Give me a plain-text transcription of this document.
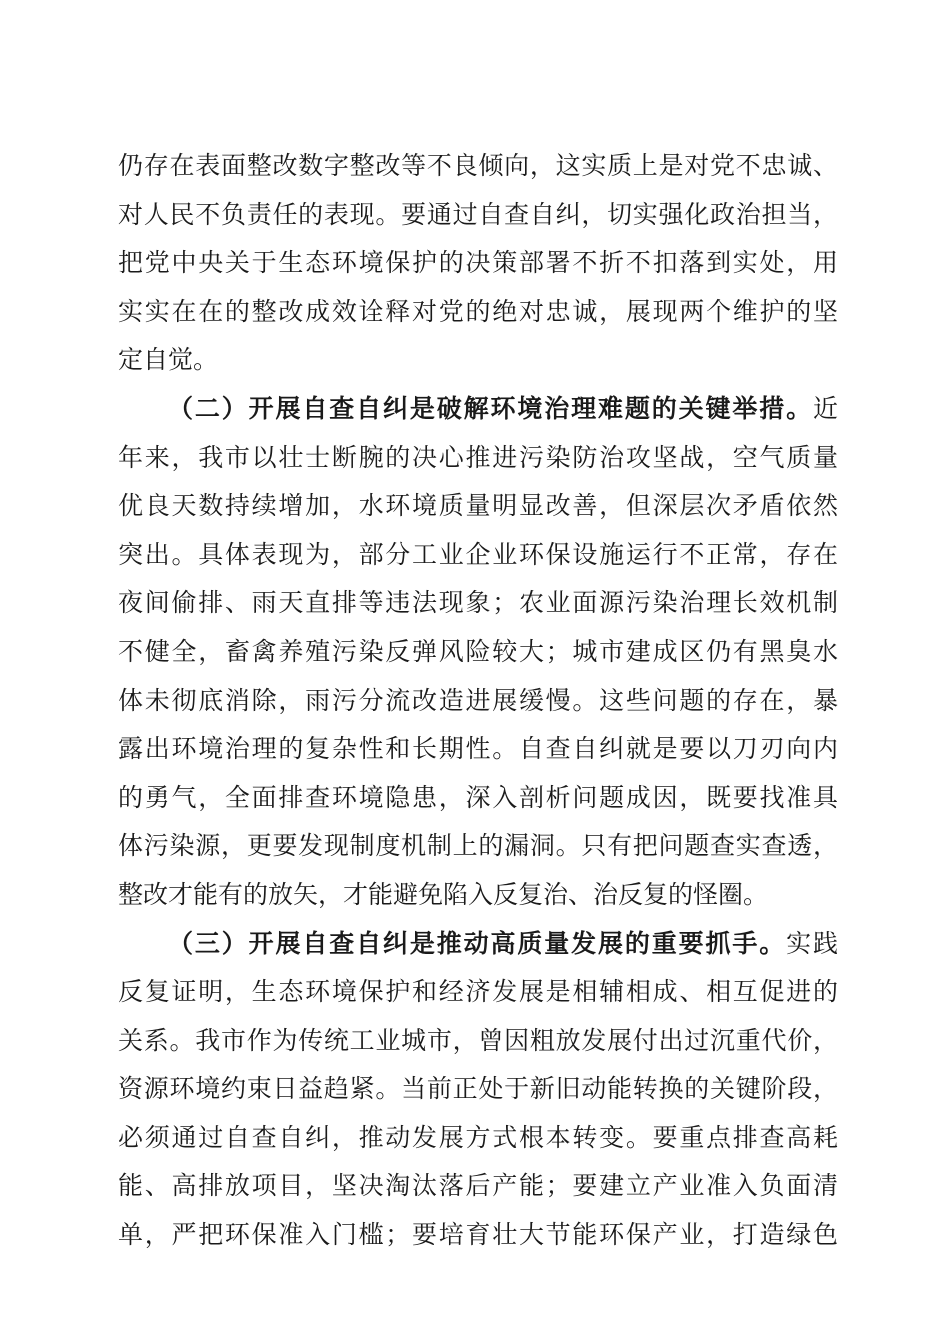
仍存在表面整改数字整改等不良倾向，这实质上是对党不忠诚、
对人民不负责任的表现。要通过自查自纠，切实强化政治担当，
把党中央关于生态环境保护的决策部署不折不扣落到实处，用
实实在在的整改成效诠释对党的绝对忠诚，展现两个维护的坚
定自觉。
（二）开展自查自纠是破解环境治理难题的关键举措。近
年来，我市以壮士断腕的决心推进污染防治攻坚战，空气质量
优良天数持续增加，水环境质量明显改善，但深层次矛盾依然
突出。具体表现为，部分工业企业环保设施运行不正常，存在
夜间偷排、雨天直排等违法现象；农业面源污染治理长效机制
不健全，畜禽养殖污染反弹风险较大；城市建成区仍有黑臭水
体未彻底消除，雨污分流改造进展缓慢。这些问题的存在，暴
露出环境治理的复杂性和长期性。自查自纠就是要以刀刃向内
的勇气，全面排查环境隐患，深入剖析问题成因，既要找准具
体污染源，更要发现制度机制上的漏洞。只有把问题查实查透，
整改才能有的放矢，才能避免陷入反复治、治反复的怪圈。
（三）开展自查自纠是推动高质量发展的重要抓手。实践
反复证明，生态环境保护和经济发展是相辅相成、相互促进的
关系。我市作为传统工业城市，曾因粗放发展付出过沉重代价，
资源环境约束日益趋紧。当前正处于新旧动能转换的关键阶段，
必须通过自查自纠，推动发展方式根本转变。要重点排查高耗
能、高排放项目，坚决淘汰落后产能；要建立产业准入负面清
单，严把环保准入门槛；要培育壮大节能环保产业，打造绿色
